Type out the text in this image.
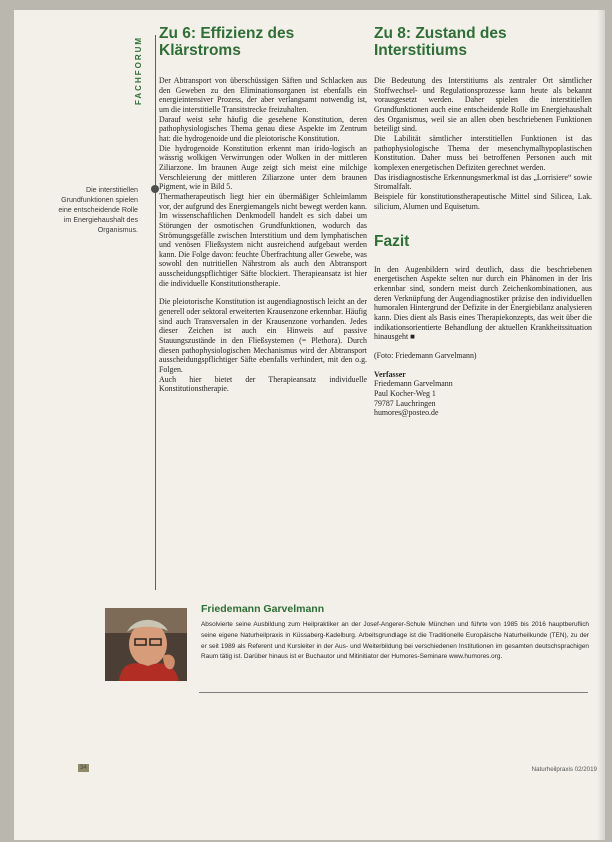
FACHFORUM
Die interstitiellen Grundfunktionen spielen eine entscheidende Rolle im Energiehaushalt des Organismus.
Zu 6: Effizienz des Klärstroms

Der Abtransport von überschüssigen Säften und Schlacken aus den Geweben zu den Eliminationsorganen ist ebenfalls ein energieintensiver Prozess, der aber verlangsamt notwendig ist, um die interstitielle Transitstrecke freizuhalten.

Darauf weist sehr häufig die gesehene Konstitution, deren pathophysiologisches Thema genau diese Aspekte im Zentrum hat: die hydrogenoide und die pleiotorische Konstitution.

Die hydrogenoide Konstitution erkennt man irido-logisch an wässrig wolkigen Verwirrungen oder Wolken in der mittleren Ziliarzone. Im braunen Auge zeigt sich meist eine milchige Verschleierung der mittleren Ziliarzone unter dem braunen Pigment, wie in Bild 5.

Thermatherapeutisch liegt hier ein übermäßiger Schleimlamm vor, der aufgrund des Energiemangels nicht bewegt werden kann. Im wissenschaftlichen Denkmodell handelt es sich dabei um Störungen der osmotischen Grundfunktionen, wodurch das Strömungsgefälle zwischen Interstitium und dem lymphatischen und venösen Fließsystem nicht ausreichend aufgebaut werden kann. Die Folge davon: feuchte Überfrachtung aller Gewebe, was sowohl den nutritiellen Nährstrom als auch den Abtransport ausscheidungspflichtiger Säfte blockiert. Therapieansatz ist hier die individuelle Konstitutionstherapie.

Die pleiotorische Konstitution ist augendiagnostisch leicht an der generell oder sektoral erweiterten Krausenzone erkennbar. Häufig sind auch Transversalen in der Krausenzone vorhanden. Jedes dieser Zeichen ist auch ein Hinweis auf passive Stauungszustände in den Fließsystemen (= Plethora). Durch diesen pathophysiologischen Mechanismus wird der Abtransport ausscheidungspflichtiger Säfte ebenfalls verhindert, mit den o.g. Folgen.

Auch hier bietet der Therapieansatz individuelle Konstitutionstherapie.

Zu 8: Zustand des Interstitiums

Die Bedeutung des Interstitiums als zentraler Ort sämtlicher Stoffwechsel- und Regulationsprozesse kann heute als bekannt vorausgesetzt werden. Daher spielen die interstitiellen Grundfunktionen auch eine entscheidende Rolle im Energiehaushalt des Organismus, weil sie an allen oben beschriebenen Funktionen beteiligt sind.

Die Labilität sämtlicher interstitiellen Funktionen ist das pathophysiologische Thema der mesenchymalhypoplastischen Konstitution. Daher muss bei betroffenen Personen auch mit komplexen energetischen Defiziten gerechnet werden.

Das irisdiagnostische Erkennungsmerkmal ist das „Lorrisiere“ sowie Stromalfalt.

Beispiele für konstitutionstherapeutische Mittel sind Silicea, Lak. silicium, Alumen und Equisetum.

Fazit

In den Augenbildern wird deutlich, dass die beschriebenen energetischen Aspekte selten nur durch ein Phänomen in der Iris erkennbar sind, sondern meist durch Zeichenkombinationen, aus deren Verknüpfung der Augendiagnostiker präzise den individuellen humoralen Hintergrund der Defizite in der Energiebilanz analysieren kann. Dies dient als Basis eines Therapiekonzepts, das weit über die indikationsorientierte Behandlung der aktuellen Krankheitssituation hinausgeht ■

(Foto: Friedemann Garvelmann)

Verfasser

Friedemann Garvelmann

Paul Kocher-Weg 1

79787 Lauchringen

humores@posteo.de

Friedemann Garvelmann
Absolvierte seine Ausbildung zum Heilpraktiker an der Josef-Angerer-Schule München und führte von 1985 bis 2016 hauptberuflich seine eigene Naturheilpraxis in Küssaberg-Kadelburg. Arbeitsgrundlage ist die Traditionelle Europäische Naturheilkunde (TEN), zu der er seit 1989 als Referent und Kursleiter in der Aus- und Weiterbildung bei verschiedenen Institutionen im gesamten deutschsprachigen Raum tätig ist. Darüber hinaus ist er Buchautor und Mitinitiator der Humores-Seminare www.humores.org.
34	Naturheilpraxis 02/2019
